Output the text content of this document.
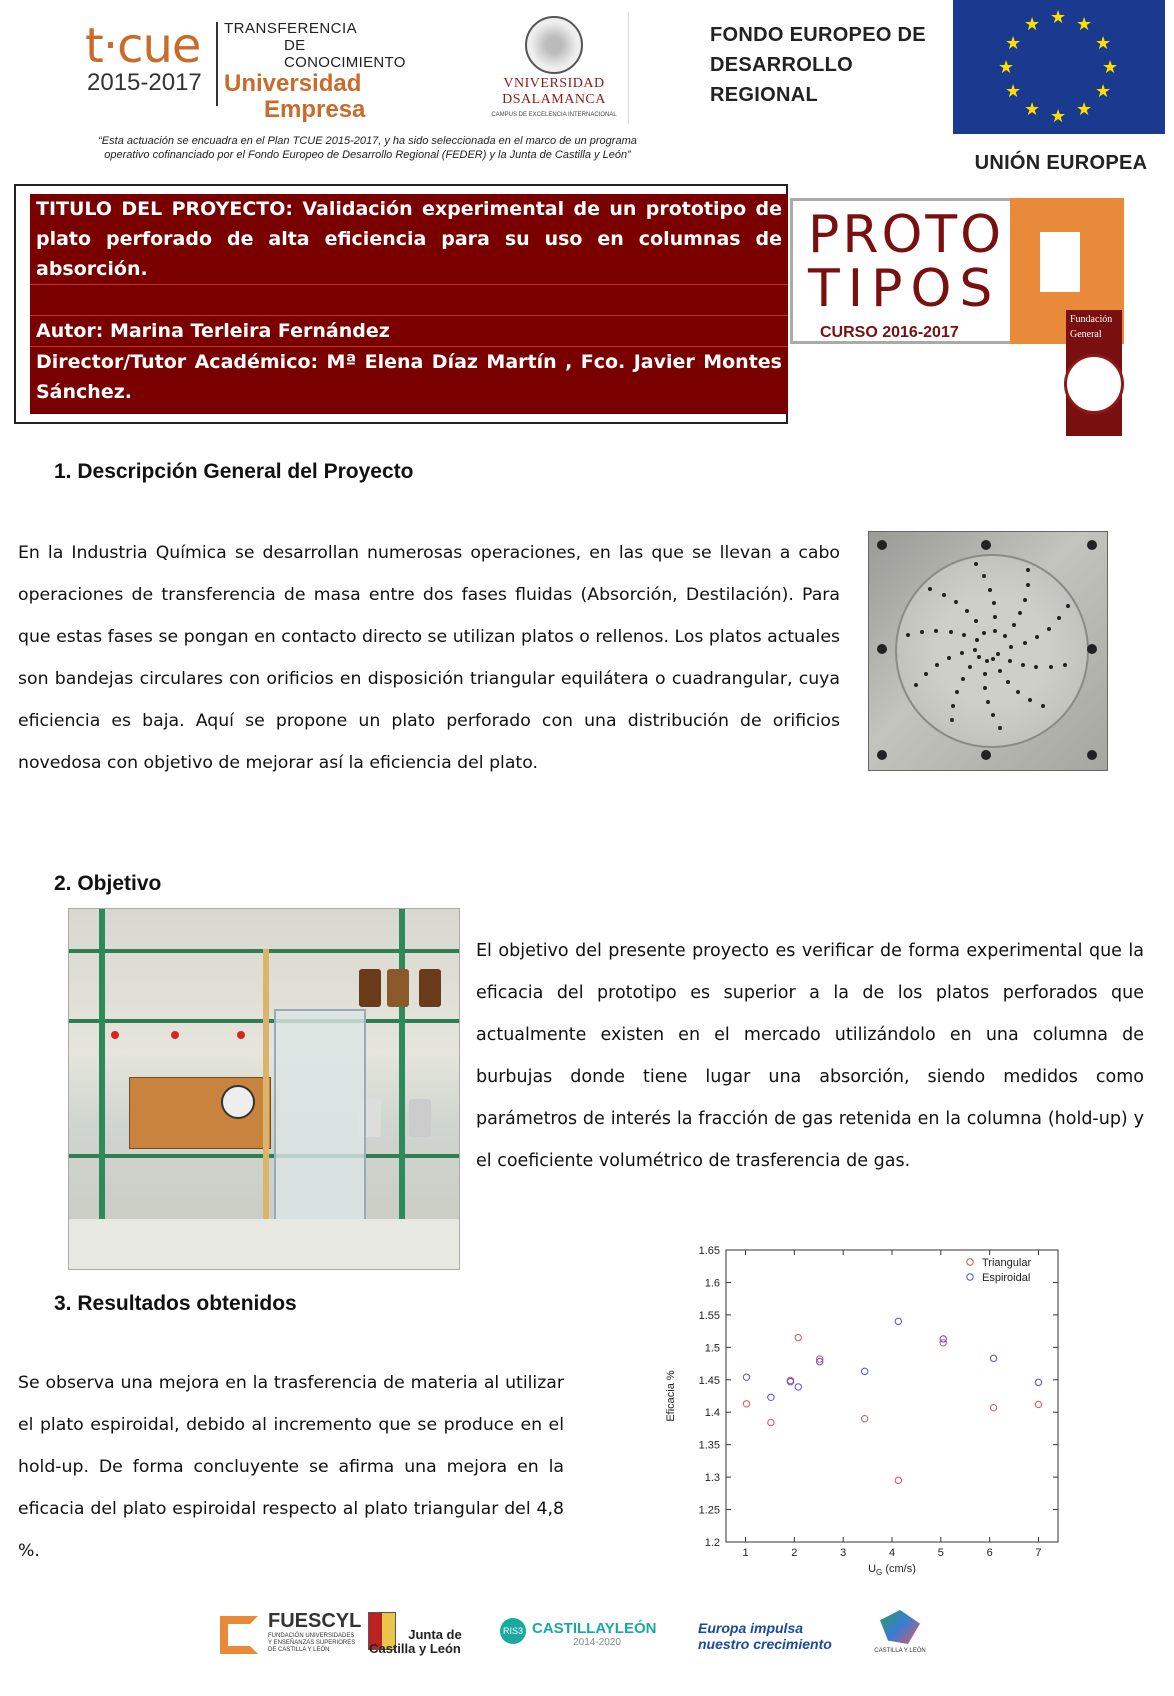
t·cue
2015-2017
TRANSFERENCIA
DE CONOCIMIENTO
Universidad
Empresa
VNIVERSIDAD
DSALAMANCA
CAMPUS DE EXCELENCIA INTERNACIONAL
FONDO EUROPEO DE
DESARROLLO
REGIONAL
★ ★
★
★
★
★
★
★
★
★
★
★
UNIÓN EUROPEA
“Esta actuación se encuadra en el Plan TCUE 2015-2017, y ha sido seleccionada en el marco de un programa
operativo cofinanciado por el Fondo Europeo de Desarrollo Regional (FEDER) y la Junta de Castilla y León”

TITULO DEL PROYECTO: Validación experimental de un prototipo de plato perforado de alta eficiencia para su uso en columnas de absorción.

Autor: Marina Terleira Fernández

Director/Tutor Académico: Mª Elena Díaz Martín , Fco. Javier Montes Sánchez.

PROTO
TIPOS
CURSO 2016-2017
Fundación
General
1. Descripción General del Proyecto

En la Industria Química se desarrollan numerosas operaciones, en las que se llevan a cabo operaciones de transferencia de masa entre dos fases fluidas (Absorción, Destilación). Para que estas fases se pongan en contacto directo se utilizan platos o rellenos. Los platos actuales son bandejas circulares con orificios en disposición triangular equilátera o cuadrangular, cuya eficiencia es baja. Aquí se propone un plato perforado con una distribución de orificios novedosa con objetivo de mejorar así la eficiencia del plato.

2. Objetivo

El objetivo del presente proyecto es verificar de forma experimental que la eficacia del prototipo es superior a la de los platos perforados que actualmente existen en el mercado utilizándolo en una columna de burbujas donde tiene lugar una absorción, siendo medidos como parámetros de interés la fracción de gas retenida en la columna (hold-up) y el coeficiente volumétrico de trasferencia de gas.

3. Resultados obtenidos

Se observa una mejora en la trasferencia de materia al utilizar el plato espiroidal, debido al incremento que se produce en el hold-up. De forma concluyente se afirma una mejora en la eficacia del plato espiroidal respecto al plato triangular del 4,8 %.	1.2
1.25
1.3
1.35
1.4
1.45
1.5
1.55
1.6
1.65
1	2	3	4	5	6	7
$U_G$ (cm/s)
Eficacia %
Triangular
Espiroidal
FUESCYL
FUNDACIÓN UNIVERSIDADES
Y ENSEÑANZAS SUPERIORES
DE CASTILLA Y LEÓN
Junta de
Castilla y León
RIS3 CASTILLAYLEÓN
2014-2020
Europa impulsa
nuestro crecimiento	CASTILLA Y LEÓN
